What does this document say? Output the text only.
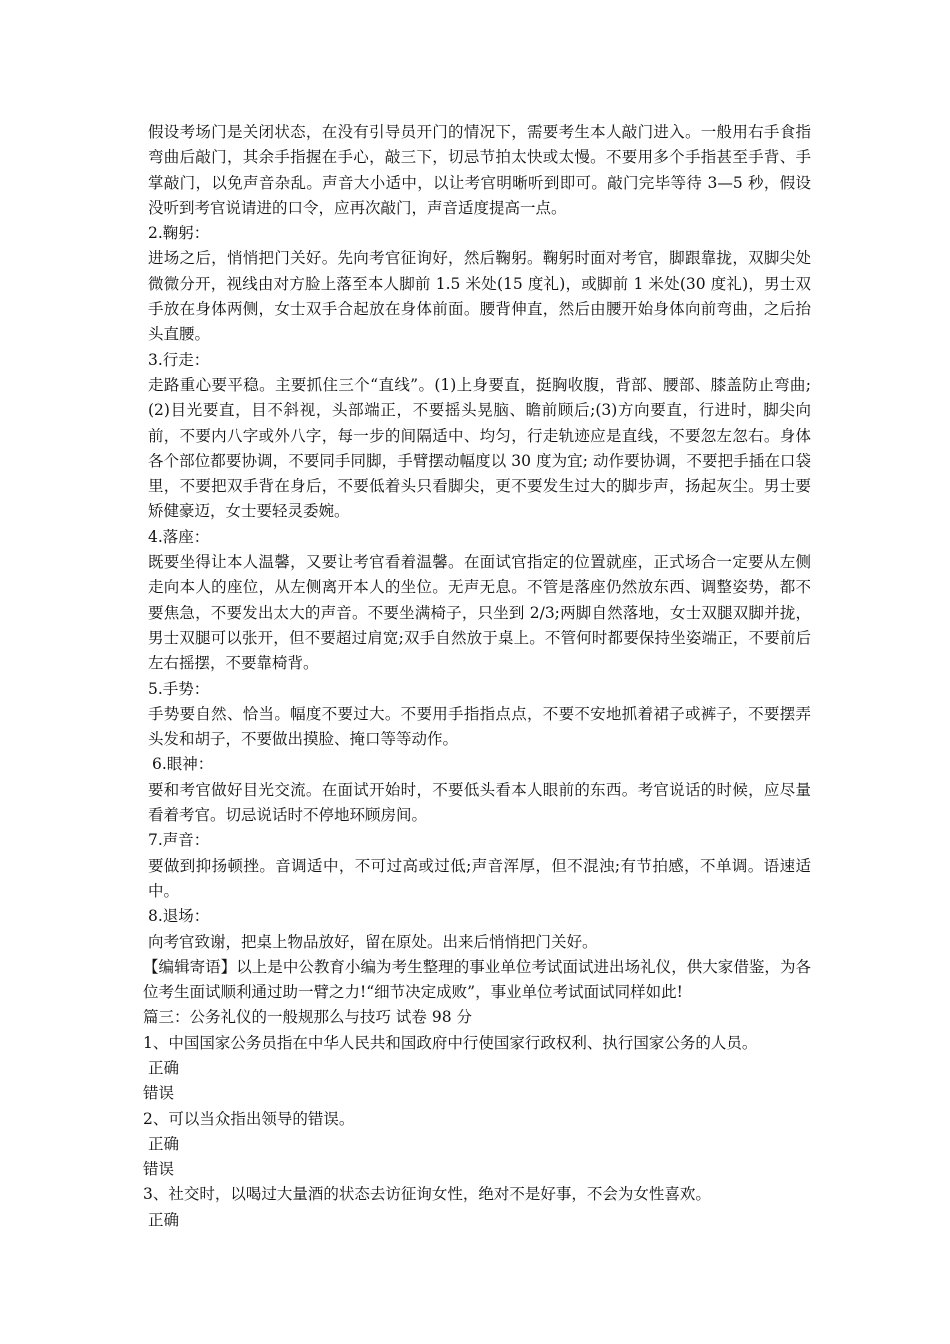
假设考场门是关闭状态，在没有引导员开门的情况下，需要考生本人敲门进入。一般用右手食指弯曲后敲门，其余手指握在手心，敲三下，切忌节拍太快或太慢。不要用多个手指甚至手背、手掌敲门，以免声音杂乱。声音大小适中，以让考官明晰听到即可。敲门完毕等待 3—5 秒，假设没听到考官说请进的口令，应再次敲门，声音适度提高一点。

2.鞠躬：

进场之后，悄悄把门关好。先向考官征询好，然后鞠躬。鞠躬时面对考官，脚跟靠拢，双脚尖处微微分开，视线由对方脸上落至本人脚前 1.5 米处(15 度礼)，或脚前 1 米处(30 度礼)，男士双手放在身体两侧，女士双手合起放在身体前面。腰背伸直，然后由腰开始身体向前弯曲，之后抬头直腰。

3.行走：

走路重心要平稳。主要抓住三个“直线”。(1)上身要直，挺胸收腹，背部、腰部、膝盖防止弯曲;(2)目光要直，目不斜视，头部端正，不要摇头晃脑、瞻前顾后;(3)方向要直，行进时，脚尖向前，不要内八字或外八字，每一步的间隔适中、均匀，行走轨迹应是直线，不要忽左忽右。身体各个部位都要协调，不要同手同脚，手臂摆动幅度以 30 度为宜; 动作要协调，不要把手插在口袋里，不要把双手背在身后，不要低着头只看脚尖，更不要发生过大的脚步声，扬起灰尘。男士要矫健豪迈，女士要轻灵委婉。

4.落座：

既要坐得让本人温馨，又要让考官看着温馨。在面试官指定的位置就座，正式场合一定要从左侧走向本人的座位，从左侧离开本人的坐位。无声无息。不管是落座仍然放东西、调整姿势，都不要焦急，不要发出太大的声音。不要坐满椅子，只坐到 2/3;两脚自然落地，女士双腿双脚并拢，男士双腿可以张开，但不要超过肩宽;双手自然放于桌上。不管何时都要保持坐姿端正，不要前后左右摇摆，不要靠椅背。

5.手势：

手势要自然、恰当。幅度不要过大。不要用手指指点点，不要不安地抓着裙子或裤子，不要摆弄头发和胡子，不要做出摸脸、掩口等等动作。

6.眼神：

要和考官做好目光交流。在面试开始时，不要低头看本人眼前的东西。考官说话的时候，应尽量看着考官。切忌说话时不停地环顾房间。

7.声音：

要做到抑扬顿挫。音调适中，不可过高或过低;声音浑厚，但不混浊;有节拍感，不单调。语速适中。

8.退场：

向考官致谢，把桌上物品放好，留在原处。出来后悄悄把门关好。

【编辑寄语】以上是中公教育小编为考生整理的事业单位考试面试进出场礼仪，供大家借鉴，为各位考生面试顺利通过助一臂之力!“细节决定成败”，事业单位考试面试同样如此!

篇三：公务礼仪的一般规那么与技巧 试卷 98 分

1、中国国家公务员指在中华人民共和国政府中行使国家行政权利、执行国家公务的人员。

正确

错误

2、可以当众指出领导的错误。

正确

错误

3、社交时，以喝过大量酒的状态去访征询女性，绝对不是好事，不会为女性喜欢。

正确
